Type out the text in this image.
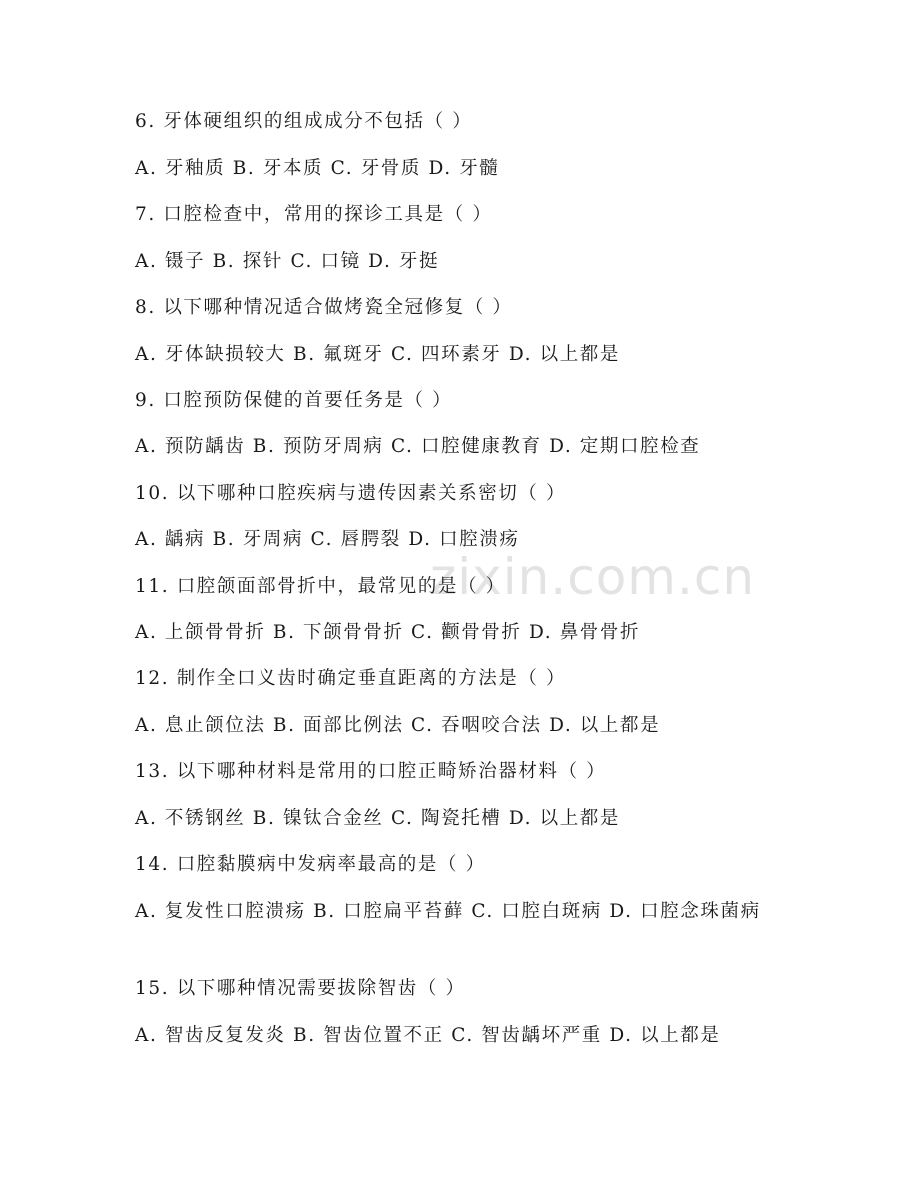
zixin.com.cn
6. 牙体硬组织的组成成分不包括（ ）
A. 牙釉质 B. 牙本质 C. 牙骨质 D. 牙髓
7. 口腔检查中，常用的探诊工具是（ ）
A. 镊子 B. 探针 C. 口镜 D. 牙挺
8. 以下哪种情况适合做烤瓷全冠修复（ ）
A. 牙体缺损较大 B. 氟斑牙 C. 四环素牙 D. 以上都是
9. 口腔预防保健的首要任务是（ ）
A. 预防龋齿 B. 预防牙周病 C. 口腔健康教育 D. 定期口腔检查
10. 以下哪种口腔疾病与遗传因素关系密切（ ）
A. 龋病 B. 牙周病 C. 唇腭裂 D. 口腔溃疡
11. 口腔颌面部骨折中，最常见的是（ ）
A. 上颌骨骨折 B. 下颌骨骨折 C. 颧骨骨折 D. 鼻骨骨折
12. 制作全口义齿时确定垂直距离的方法是（ ）
A. 息止颌位法 B. 面部比例法 C. 吞咽咬合法 D. 以上都是
13. 以下哪种材料是常用的口腔正畸矫治器材料（ ）
A. 不锈钢丝 B. 镍钛合金丝 C. 陶瓷托槽 D. 以上都是
14. 口腔黏膜病中发病率最高的是（ ）
A. 复发性口腔溃疡 B. 口腔扁平苔藓 C. 口腔白斑病 D. 口腔念珠菌病
15. 以下哪种情况需要拔除智齿（ ）
A. 智齿反复发炎 B. 智齿位置不正 C. 智齿龋坏严重 D. 以上都是
